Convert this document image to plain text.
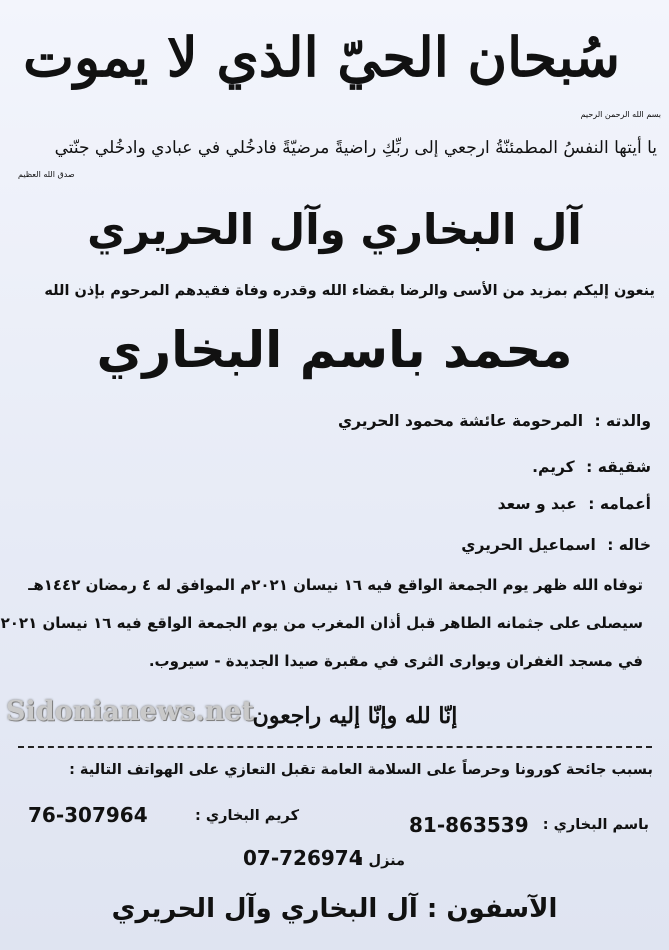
سُبحان الحيّ الذي لا يموت
بسم الله الرحمن الرحيم
يا أيتها النفسُ المطمئنّةُ ارجعي إلى ربِّكِ راضيةً مرضيّةً فادخُلي في عبادي وادخُلي جنّتي
صدق الله العظيم
آل البخاري وآل الحريري
ينعون إليكم بمزيد من الأسى والرضا بقضاء الله وقدره وفاة فقيدهم المرحوم بإذن الله
محمد باسم البخاري
والدته : المرحومة عائشة محمود الحريري
شقيقه : كريم.
أعمامه : عبد و سعد
خاله : اسماعيل الحريري
توفاه الله ظهر يوم الجمعة الواقع فيه ١٦ نيسان ٢٠٢١م الموافق له ٤ رمضان ١٤٤٢هـ
سيصلى على جثمانه الطاهر قبل أذان المغرب من يوم الجمعة الواقع فيه ١٦ نيسان ٢٠٢١
في مسجد الغفران ويوارى الثرى في مقبرة صيدا الجديدة - سيروب.
Sidonianews.net
إنّا لله وإنّا إليه راجعون
بسبب جائحة كورونا وحرصاً على السلامة العامة تقبل التعازي على الهواتف التالية :
باسم البخاري :
81-863539
كريم البخاري :
76-307964
منزل :
07-726974
الآسفون : آل البخاري وآل الحريري
